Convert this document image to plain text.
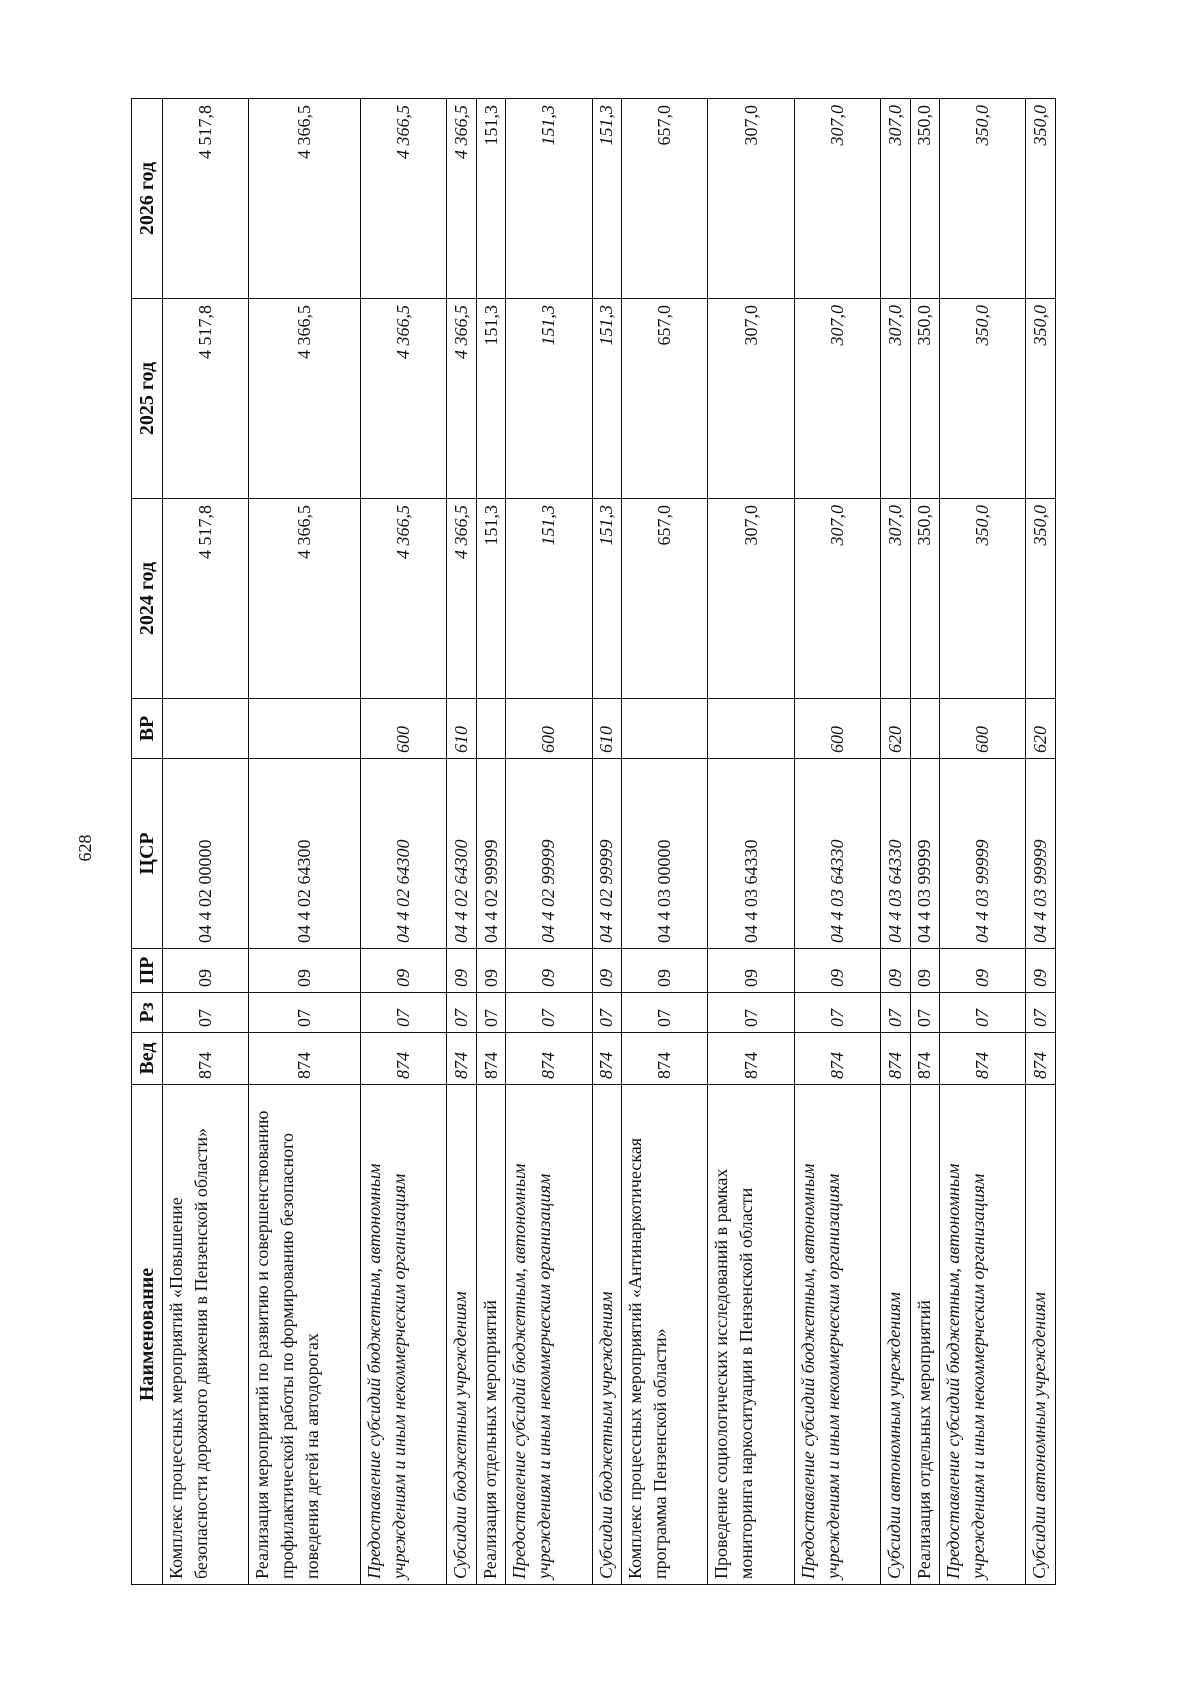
628
Наименование	Вед	Рз	ПР	ЦСР	ВР	2024 год	2025 год	2026 год
Комплекс процессных мероприятий «Повышение безопасности дорожного движения в Пензенской области»	874	07	09	04 4 02 00000		4 517,8	4 517,8	4 517,8
Реализация мероприятий по развитию и совершенствованию профилактической работы по формированию безопасного поведения детей на автодорогах	874	07	09	04 4 02 64300		4 366,5	4 366,5	4 366,5
Предоставление субсидий бюджетным, автономным учреждениям и иным некоммерческим организациям	874	07	09	04 4 02 64300	600	4 366,5	4 366,5	4 366,5
Субсидии бюджетным учреждениям	874	07	09	04 4 02 64300	610	4 366,5	4 366,5	4 366,5
Реализация отдельных мероприятий	874	07	09	04 4 02 99999		151,3	151,3	151,3
Предоставление субсидий бюджетным, автономным учреждениям и иным некоммерческим организациям	874	07	09	04 4 02 99999	600	151,3	151,3	151,3
Субсидии бюджетным учреждениям	874	07	09	04 4 02 99999	610	151,3	151,3	151,3
Комплекс процессных мероприятий «Антинаркотическая программа Пензенской области»	874	07	09	04 4 03 00000		657,0	657,0	657,0
Проведение социологических исследований в рамках мониторинга наркоситуации в Пензенской области	874	07	09	04 4 03 64330		307,0	307,0	307,0
Предоставление субсидий бюджетным, автономным учреждениям и иным некоммерческим организациям	874	07	09	04 4 03 64330	600	307,0	307,0	307,0
Субсидии автономным учреждениям	874	07	09	04 4 03 64330	620	307,0	307,0	307,0
Реализация отдельных мероприятий	874	07	09	04 4 03 99999		350,0	350,0	350,0
Предоставление субсидий бюджетным, автономным учреждениям и иным некоммерческим организациям	874	07	09	04 4 03 99999	600	350,0	350,0	350,0
Субсидии автономным учреждениям	874	07	09	04 4 03 99999	620	350,0	350,0	350,0
